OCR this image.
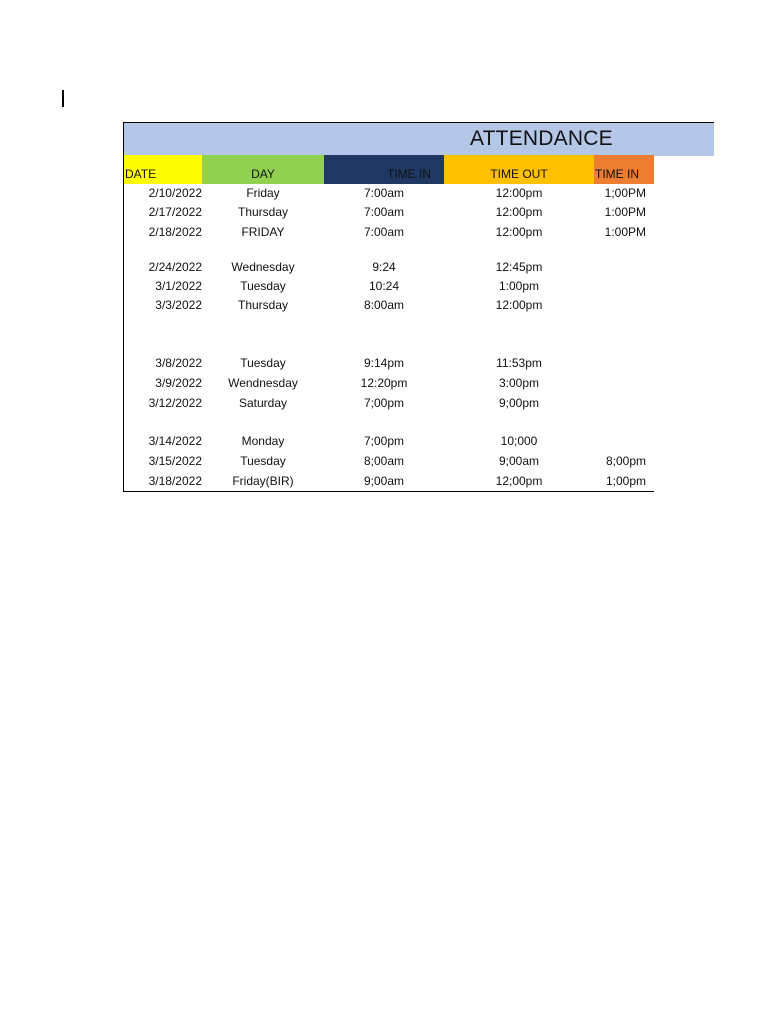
ATTENDANCE
DATE	DAY	TIME IN	TIME OUT	TIME IN
2/10/2022	Friday	7:00am	12:00pm	1;00PM
2/17/2022	Thursday	7:00am	12:00pm	1:00PM
2/18/2022	FRIDAY	7:00am	12:00pm	1:00PM
2/24/2022	Wednesday	9:24	12:45pm
3/1/2022	Tuesday	10:24	1:00pm
3/3/2022	Thursday	8:00am	12:00pm
3/8/2022	Tuesday	9:14pm	11:53pm
3/9/2022	Wendnesday	12:20pm	3:00pm
3/12/2022	Saturday	7;00pm	9;00pm
3/14/2022	Monday	7;00pm	10;000
3/15/2022	Tuesday	8;00am	9;00am	8;00pm
3/18/2022	Friday(BIR)	9;00am	12;00pm	1;00pm
